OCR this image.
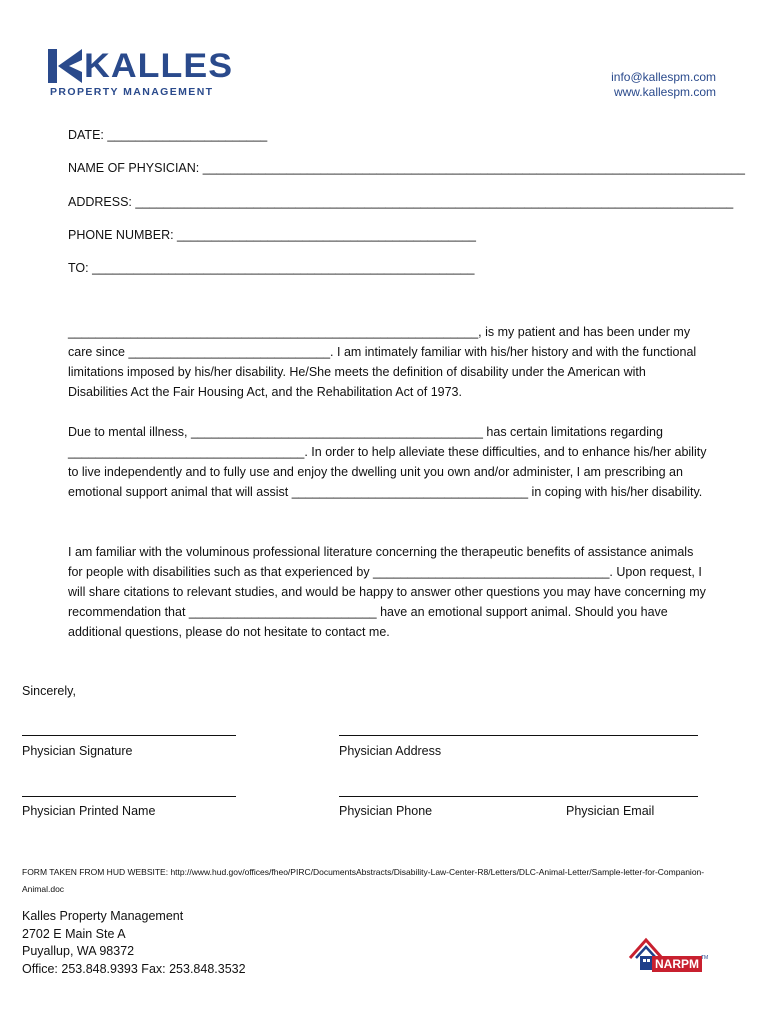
KALLES
PROPERTY MANAGEMENT
info@kallespm.com
www.kallespm.com
DATE: _______________________
NAME OF PHYSICIAN: ______________________________________________________________________________
ADDRESS: ______________________________________________________________________________________
PHONE NUMBER: ___________________________________________
TO: _______________________________________________________

___________________________________________________________, is my patient and has been under my care since _____________________________. I am intimately familiar with his/her history and with the functional limitations imposed by his/her disability. He/She meets the definition of disability under the American with Disabilities Act the Fair Housing Act, and the Rehabilitation Act of 1973.

Due to mental illness, __________________________________________ has certain limitations regarding __________________________________. In order to help alleviate these difficulties, and to enhance his/her ability to live independently and to fully use and enjoy the dwelling unit you own and/or administer, I am prescribing an emotional support animal that will assist __________________________________ in coping with his/her disability.

I am familiar with the voluminous professional literature concerning the therapeutic benefits of assistance animals for people with disabilities such as that experienced by __________________________________. Upon request, I will share citations to relevant studies, and would be happy to answer other questions you may have concerning my recommendation that ___________________________ have an emotional support animal. Should you have additional questions, please do not hesitate to contact me.

Sincerely,
Physician Signature	Physician Address
Physician Printed Name	Physician Phone	Physician Email
FORM TAKEN FROM HUD WEBSITE: http://www.hud.gov/offices/fheo/PIRC/DocumentsAbstracts/Disability-Law-Center-R8/Letters/DLC-Animal-Letter/Sample-letter-for-Companion-Animal.doc
Kalles Property Management
2702 E Main Ste A
Puyallup, WA 98372
Office: 253.848.9393 Fax: 253.848.3532	NARPM TM
